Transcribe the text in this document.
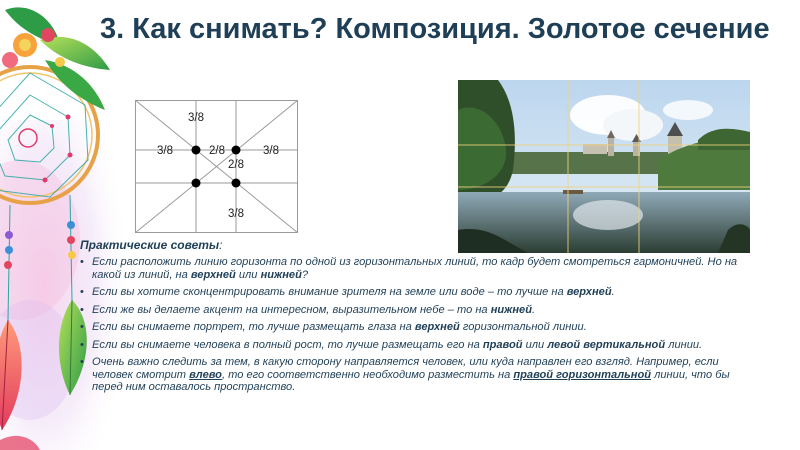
3. Как снимать? Композиция. Золотое сечение
3/8
3/8	2/8
2/8
3/8
3/8

Практические советы:

• Если расположить линию горизонта по одной из горизонтальных линий, то кадр будет смотреться гармоничней. Но на какой из линий, на верхней или нижней?
• Если вы хотите сконцентрировать внимание зрителя на земле или воде – то лучше на верхней.
• Если же вы делаете акцент на интересном, выразительном небе – то на нижней.
• Если вы снимаете портрет, то лучше размещать глаза на верхней горизонтальной линии.
• Если вы снимаете человека в полный рост, то лучше размещать его на правой или левой вертикальной линии.
• Очень важно следить за тем, в какую сторону направляется человек, или куда направлен его взгляд. Например, если человек смотрит влево, то его соответственно необходимо разместить на правой горизонтальной линии, что бы перед ним оставалось пространство.
